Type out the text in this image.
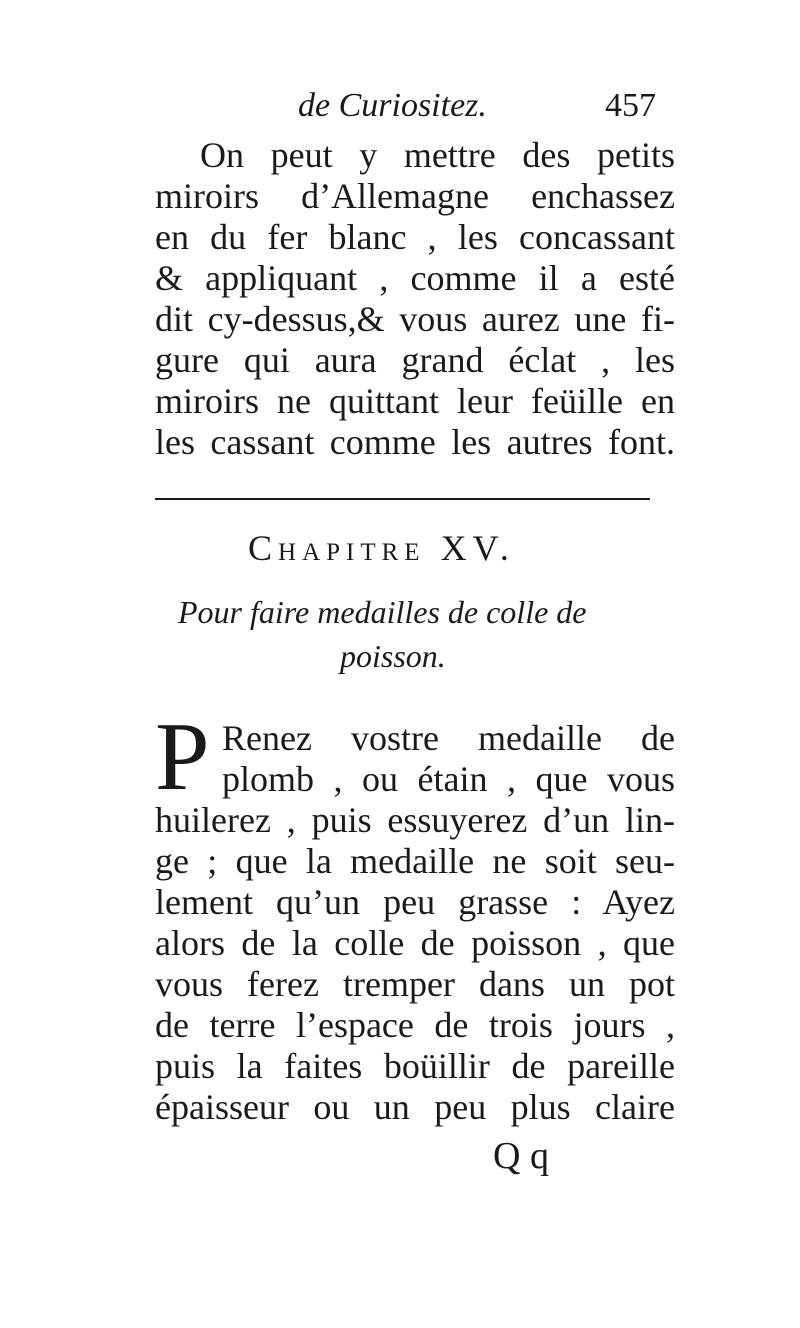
de Curiositez.	457
On peut y mettre des petits
miroirs d’Allemagne enchassez
en du fer blanc , les concassant
& appliquant , comme il a esté
dit cy-dessus,& vous aurez une fi-
gure qui aura grand éclat , les
miroirs ne quittant leur feüille en
les cassant comme les autres font.
Chapitre XV.
Pour faire medailles de colle de
poisson.
P Renez vostre medaille de
plomb , ou étain , que vous
huilerez , puis essuyerez d’un lin-
ge ; que la medaille ne soit seu-
lement qu’un peu grasse : Ayez
alors de la colle de poisson , que
vous ferez tremper dans un pot
de terre l’espace de trois jours ,
puis la faites boüillir de pareille
épaisseur ou un peu plus claire
Q q
